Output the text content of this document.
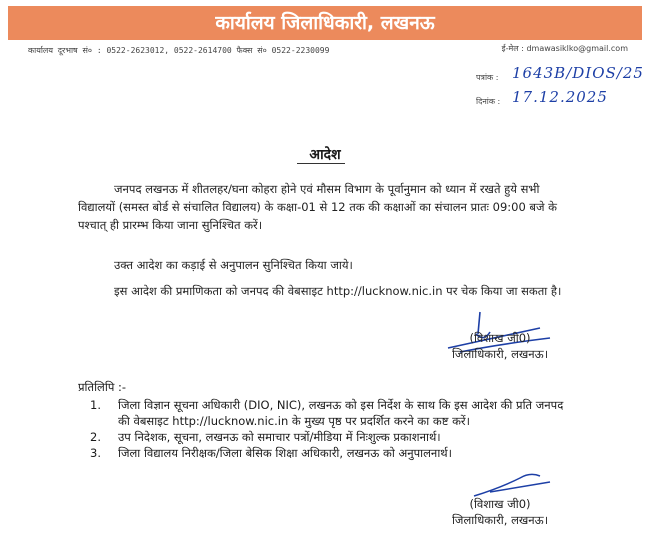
कार्यालय जिलाधिकारी, लखनऊ
कार्यालय दूरभाष सं० : 0522-2623012, 0522-2614700 फैक्स सं० 0522-2230099	ई-मेल : dmawasiklko@gmail.com
पत्रांक : 1643B/DIOS/25
दिनांक : 17.12.2025
आदेश

जनपद लखनऊ में शीतलहर/घना कोहरा होने एवं मौसम विभाग के पूर्वानुमान को ध्यान में रखते हुये सभी विद्यालयों (समस्त बोर्ड से संचालित विद्यालय) के कक्षा-01 से 12 तक की कक्षाओं का संचालन प्रातः 09:00 बजे के पश्चात् ही प्रारम्भ किया जाना सुनिश्चित करें।

उक्त आदेश का कड़ाई से अनुपालन सुनिश्चित किया जाये।

इस आदेश की प्रमाणिकता को जनपद की वेबसाइट http://lucknow.nic.in पर चेक किया जा सकता है।

(विशाख जी0)
जिलाधिकारी, लखनऊ।
प्रतिलिपि :-
1.	जिला विज्ञान सूचना अधिकारी (DIO, NIC), लखनऊ को इस निर्देश के साथ कि इस आदेश की प्रति जनपद की वेबसाइट http://lucknow.nic.in के मुख्य पृष्ठ पर प्रदर्शित करने का कष्ट करें।
2.	उप निदेशक, सूचना, लखनऊ को समाचार पत्रों/मीडिया में निःशुल्क प्रकाशनार्थ।
3.	जिला विद्यालय निरीक्षक/जिला बेसिक शिक्षा अधिकारी, लखनऊ को अनुपालनार्थ।
(विशाख जी0)
जिलाधिकारी, लखनऊ।
